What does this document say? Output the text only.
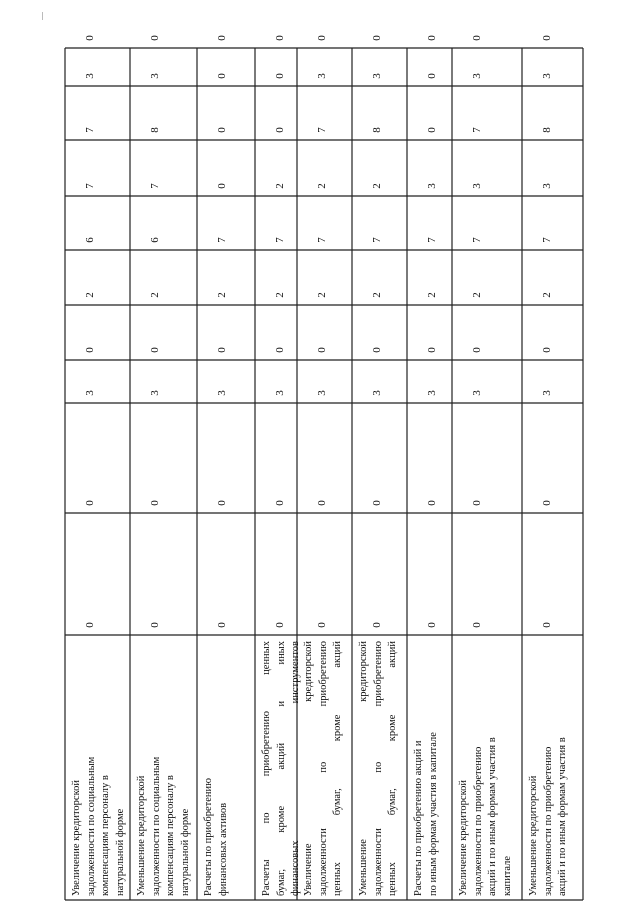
Увеличение кредиторской
задолженности по социальным
компенсациям персоналу в
натуральной форме
0
0
3
0
2
6
7
7
3
0
Уменьшение кредиторской
задолженности по социальным
компенсациям персоналу в
натуральной форме
0
0
3
0
2
6
7
8
3
0
Расчеты по приобретению
финансовых активов
0
0
3
0
2
7
0
0
0
0
Расчеты по приобретению ценных
бумаг, кроме акций и иных
финансовых инструментов
0
0
3
0
2
7
2
0
0
0
Увеличение кредиторской
задолженности по приобретению
ценных бумаг, кроме акций
0
0
3
0
2
7
2
7
3
0
Уменьшение кредиторской
задолженности по приобретению
ценных бумаг, кроме акций
0
0
3
0
2
7
2
8
3
0
Расчеты по приобретению акций и
по иным формам участия в капитале
0
0
3
0
2
7
3
0
0
0
Увеличение кредиторской
задолженности по приобретению
акций и по иным формам участия в
капитале
0
0
3
0
2
7
3
7
3
0
Уменьшение кредиторской
задолженности по приобретению
акций и по иным формам участия в
0
0
3
0
2
7
3
8
3
0
